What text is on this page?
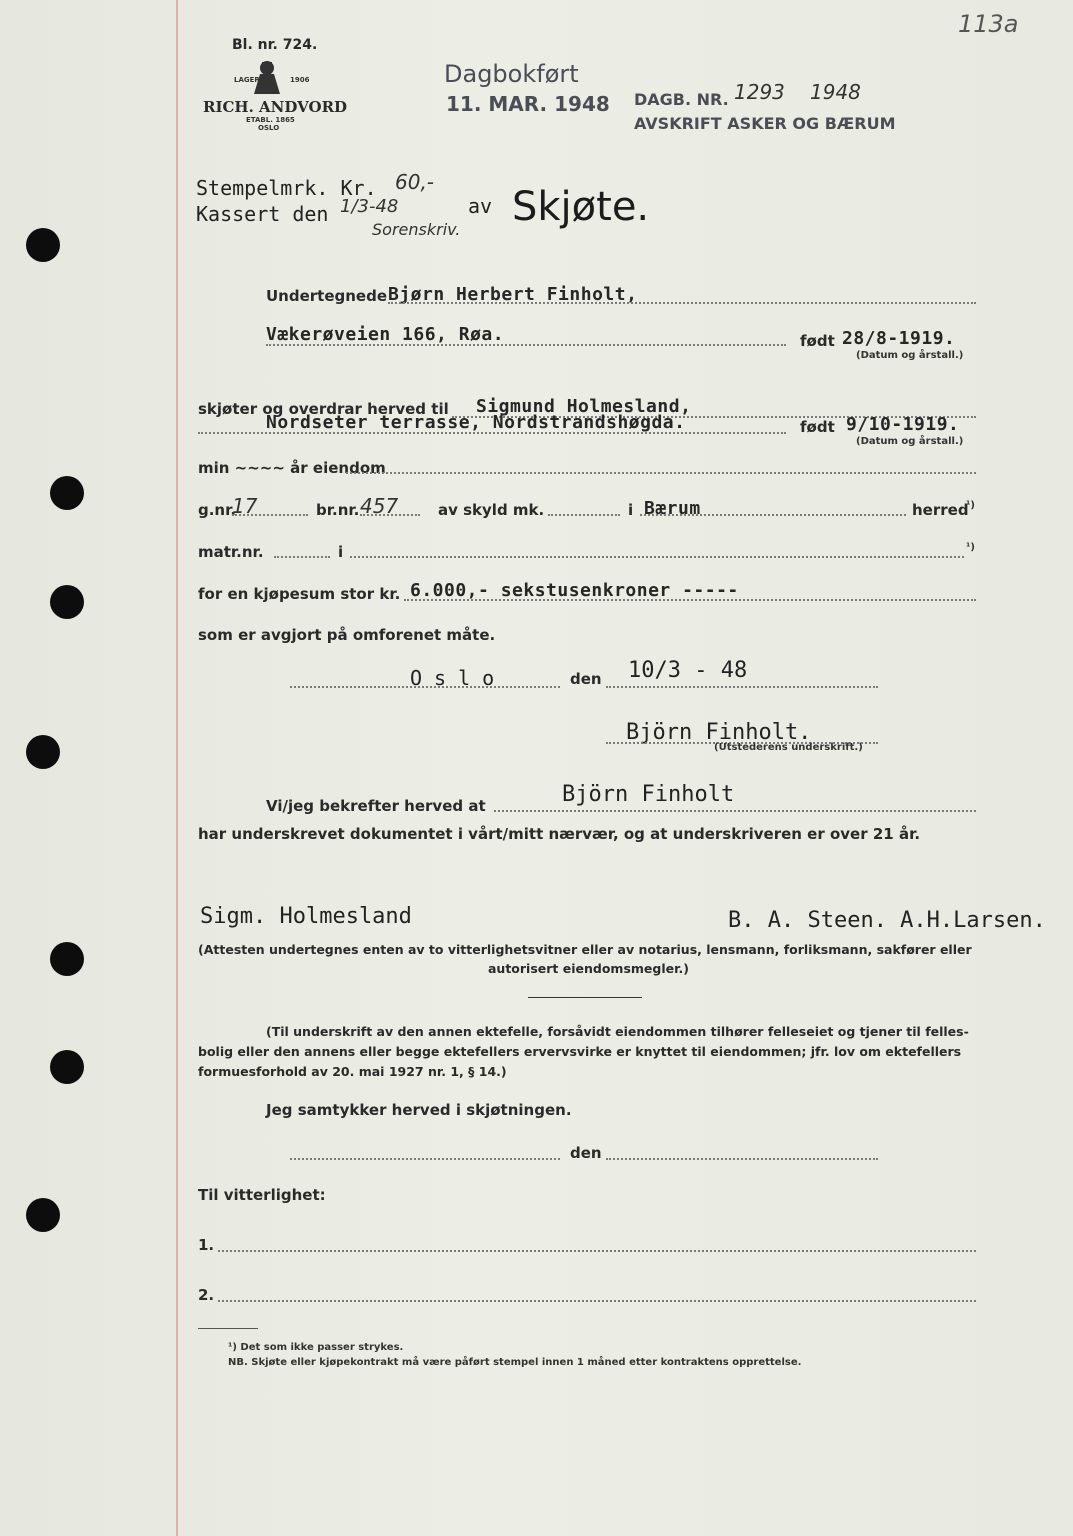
Bl. nr. 724.
LAGER	1906
RICH. ANDVORD
ETABL. 1865
OSLO
Dagbokført
11. MAR. 1948 DAGB. NR. 1293 1948
AVSKRIFT ASKER OG BÆRUM
113a
Stempelmrk. Kr. 60,-
Kassert den 1/3-48	av
Sorenskriv. Skjøte.
Undertegnede Bjørn Herbert Finholt,
Vækerøveien 166, Røa.	født 28/8-1919.
(Datum og årstall.)
skjøter og overdrar herved til Sigmund Holmesland,
Nordseter terrasse, Nordstrandshøgda.	født 9/10-1919.
(Datum og årstall.)
min ~~~~ år eiendom
g.nr.
17	br.nr. 457	av skyld mk.	i Bærum	herred
¹)
matr.nr.	i	¹)
for en kjøpesum stor kr. 6.000,- sekstusenkroner -----
som er avgjort på omforenet måte.
Oslo	den 10/3 - 48
Björn Finholt.
(Utstederens underskrift.)
Vi/jeg bekrefter herved at	Björn Finholt
har underskrevet dokumentet i vårt/mitt nærvær, og at underskriveren er over 21 år.
Sigm. Holmesland	B. A. Steen. A.H.Larsen.
(Attesten undertegnes enten av to vitterlighetsvitner eller av notarius, lensmann, forliksmann, sakfører eller
autorisert eiendomsmegler.)
(Til underskrift av den annen ektefelle, forsåvidt eiendommen tilhører felleseiet og tjener til felles-
bolig eller den annens eller begge ektefellers ervervsvirke er knyttet til eiendommen; jfr. lov om ektefellers
formuesforhold av 20. mai 1927 nr. 1, § 14.)
Jeg samtykker herved i skjøtningen.
den
Til vitterlighet:
1.
2.
¹) Det som ikke passer strykes.
NB. Skjøte eller kjøpekontrakt må være påført stempel innen 1 måned etter kontraktens opprettelse.
